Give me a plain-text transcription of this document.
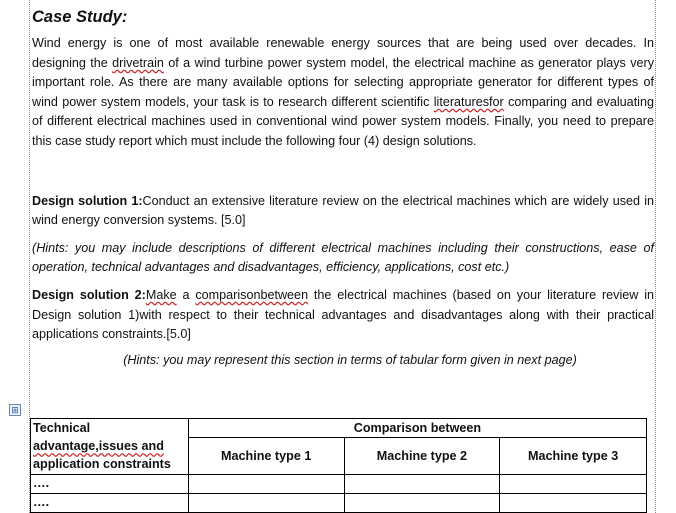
Case Study:

Wind energy is one of most available renewable energy sources that are being used over decades. In designing the drivetrain of a wind turbine power system model, the electrical machine as generator plays very important role. As there are many available options for selecting appropriate generator for different types of wind power system models, your task is to research different scientific literaturesfor comparing and evaluating of different electrical machines used in conventional wind power system models. Finally, you need to prepare this case study report which must include the following four (4) design solutions.

Design solution 1:Conduct an extensive literature review on the electrical machines which are widely used in wind energy conversion systems. [5.0]

(Hints: you may include descriptions of different electrical machines including their constructions, ease of operation, technical advantages and disadvantages, efficiency, applications, cost etc.)

Design solution 2:Make a comparisonbetween the electrical machines (based on your literature review in Design solution 1)with respect to their technical advantages and disadvantages along with their practical applications constraints.[5.0]

(Hints: you may represent this section in terms of tabular form given in next page)

⊞
Technical
advantage,issues and
application constraints	Comparison between		
	Machine type 1	Machine type 2	Machine type 3
….			
….			
